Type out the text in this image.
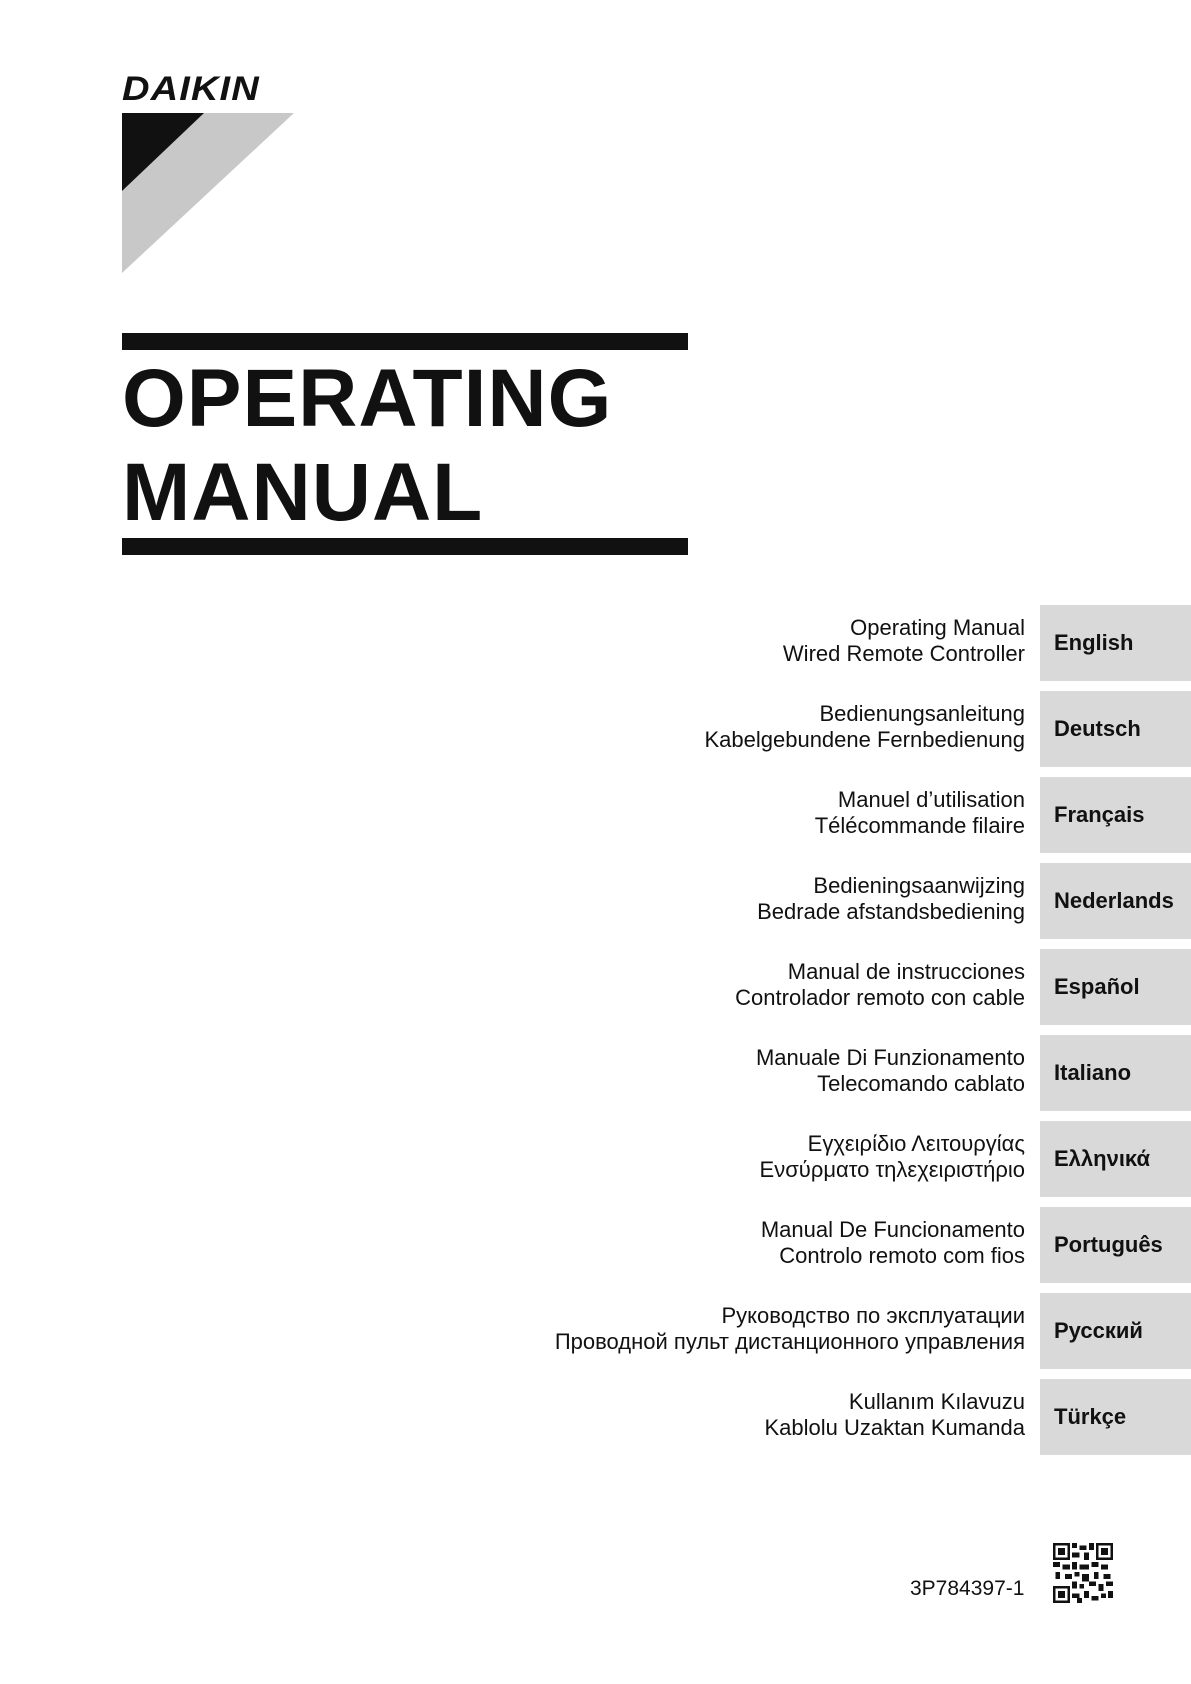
DAIKIN
OPERATING
MANUAL
Operating Manual
Wired Remote Controller	English
Bedienungsanleitung
Kabelgebundene Fernbedienung	Deutsch
Manuel d’utilisation
Télécommande filaire	Français
Bedieningsaanwijzing
Bedrade afstandsbediening	Nederlands
Manual de instrucciones
Controlador remoto con cable	Español
Manuale Di Funzionamento
Telecomando cablato	Italiano
Εγχειρίδιο Λειτουργίας
Ενσύρματο τηλεχειριστήριο	Ελληνικά
Manual De Funcionamento
Controlo remoto com fios	Português
Руководство по эксплуатации
Проводной пульт дистанционного управления	Русский
Kullanım Kılavuzu
Kablolu Uzaktan Kumanda	Türkçe
3P784397-1
